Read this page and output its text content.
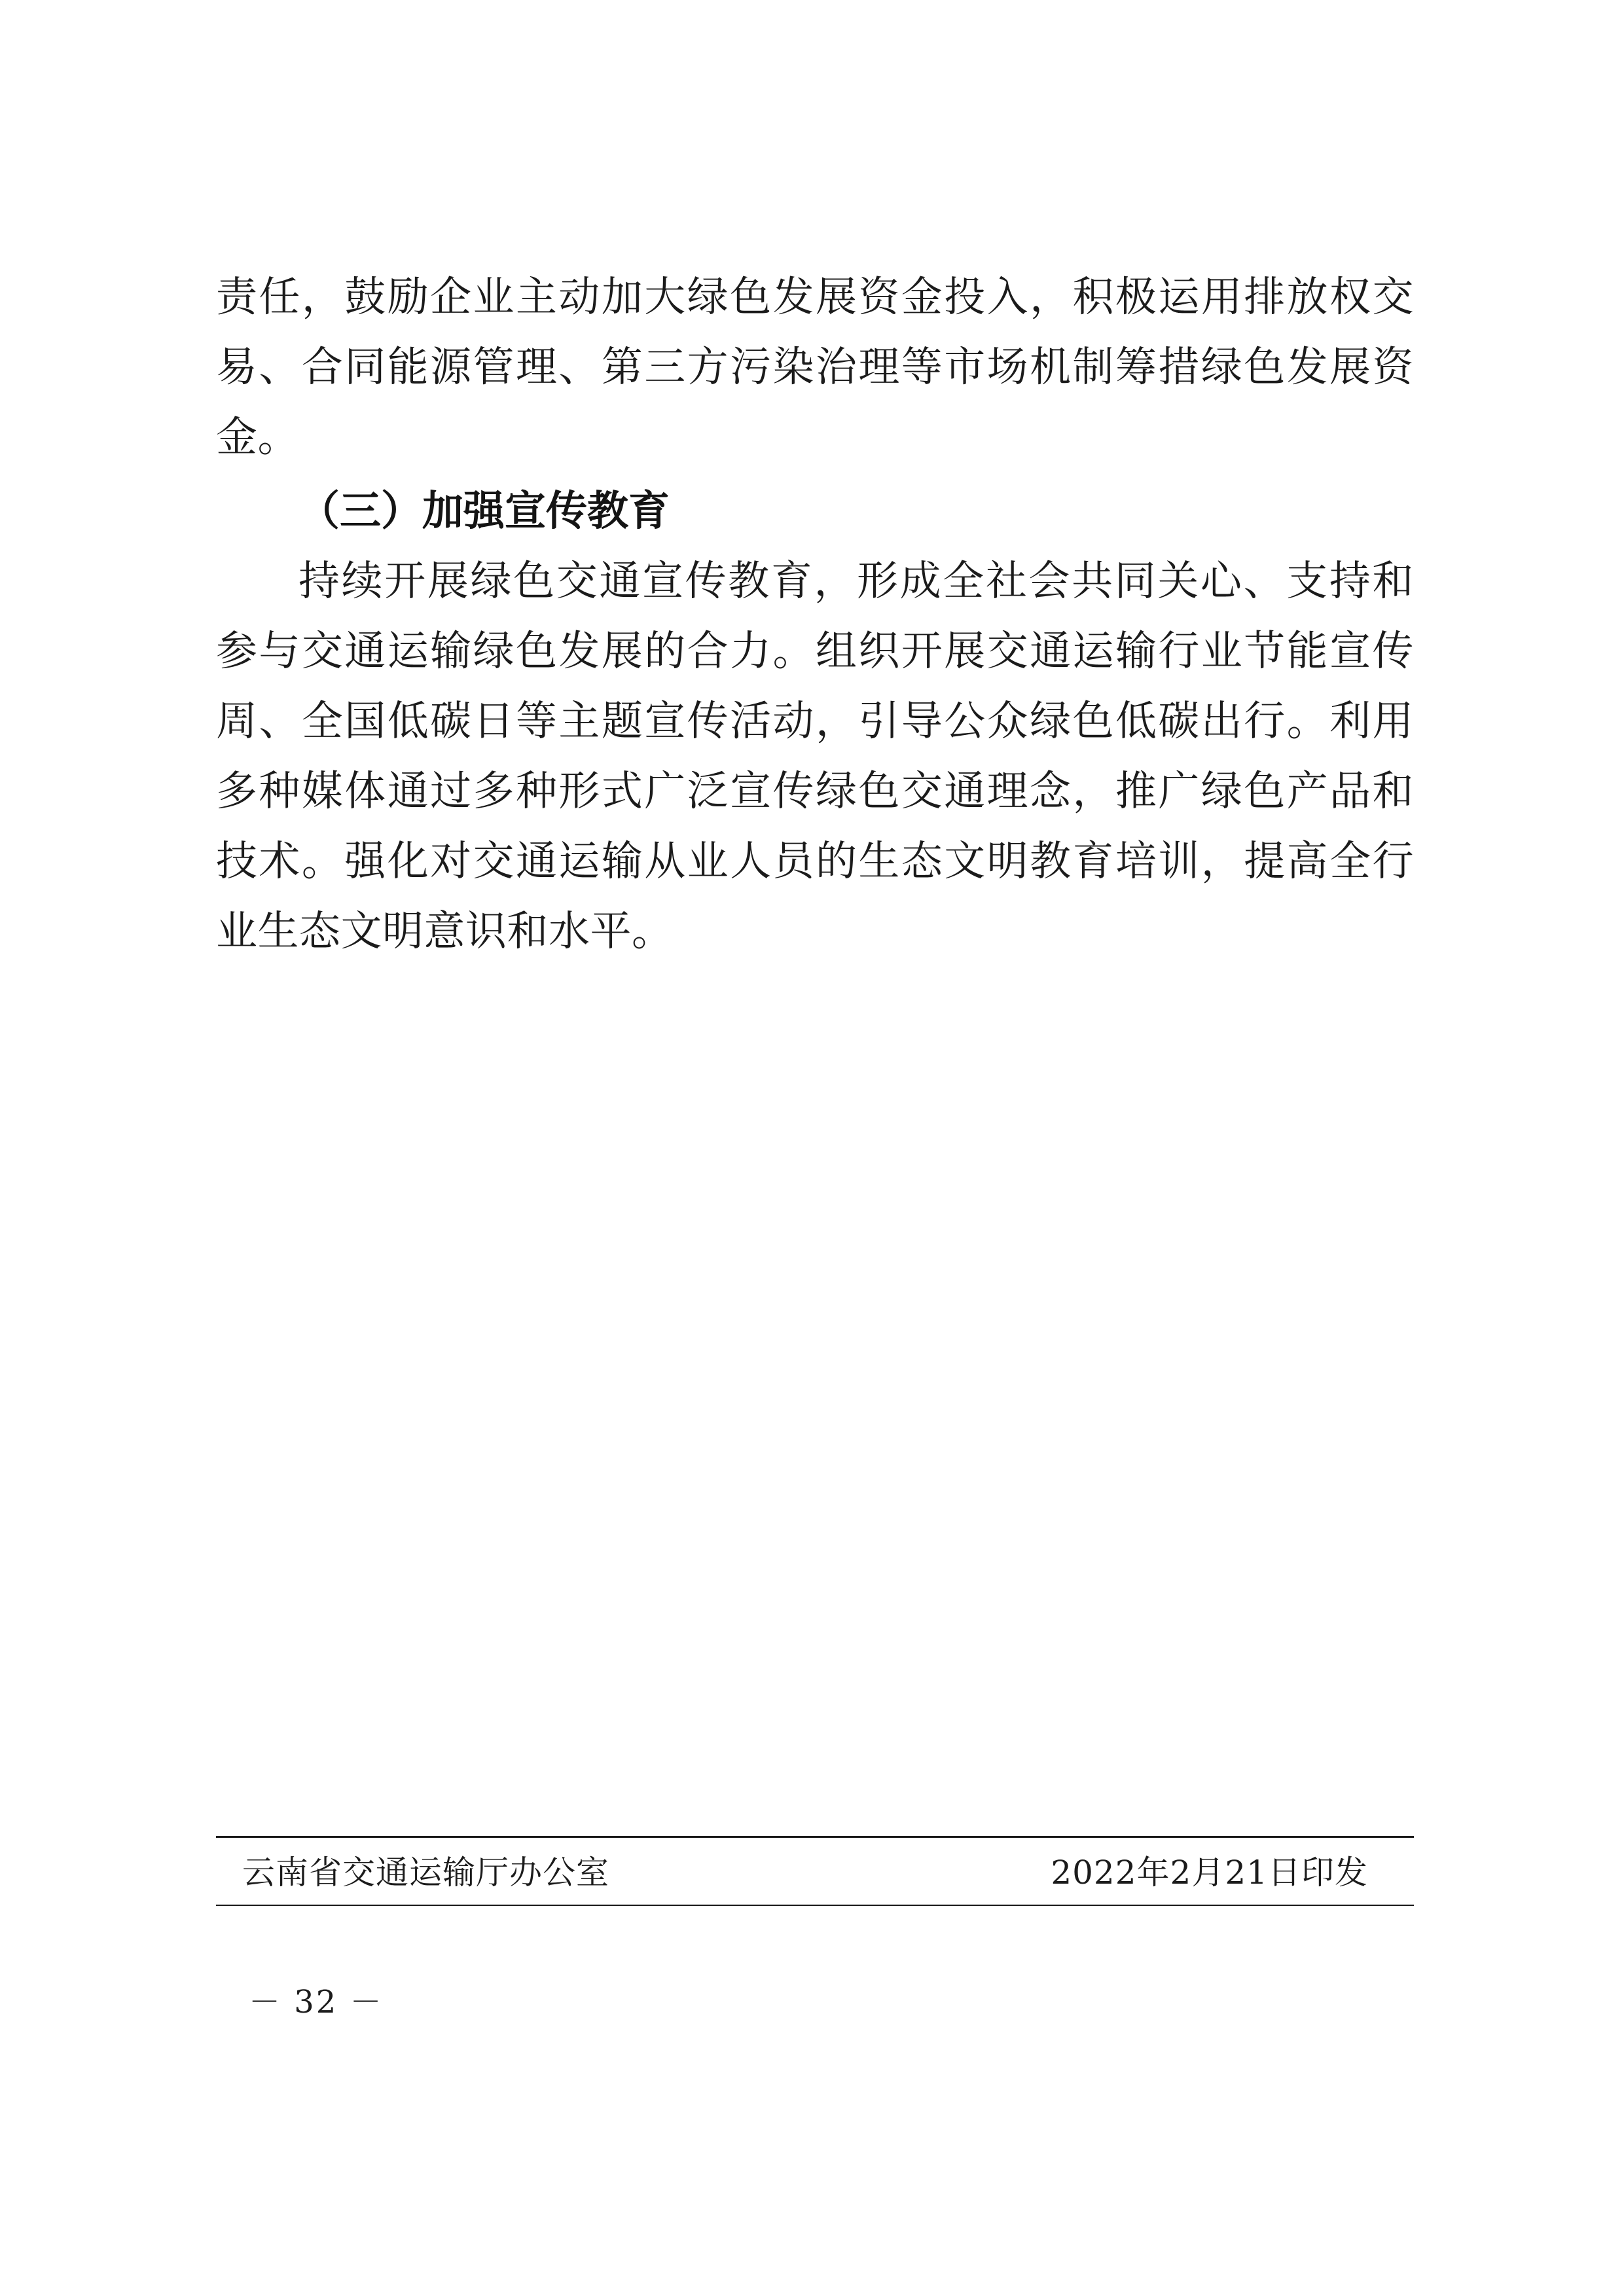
责任，鼓励企业主动加大绿色发展资金投入，积极运用排放权交易、合同能源管理、第三方污染治理等市场机制筹措绿色发展资金。

（三）加强宣传教育

持续开展绿色交通宣传教育，形成全社会共同关心、支持和参与交通运输绿色发展的合力。组织开展交通运输行业节能宣传周、全国低碳日等主题宣传活动，引导公众绿色低碳出行。利用多种媒体通过多种形式广泛宣传绿色交通理念，推广绿色产品和技术。强化对交通运输从业人员的生态文明教育培训，提高全行业生态文明意识和水平。

云南省交通运输厅办公室	2022年2月21日印发
－ 32 －
